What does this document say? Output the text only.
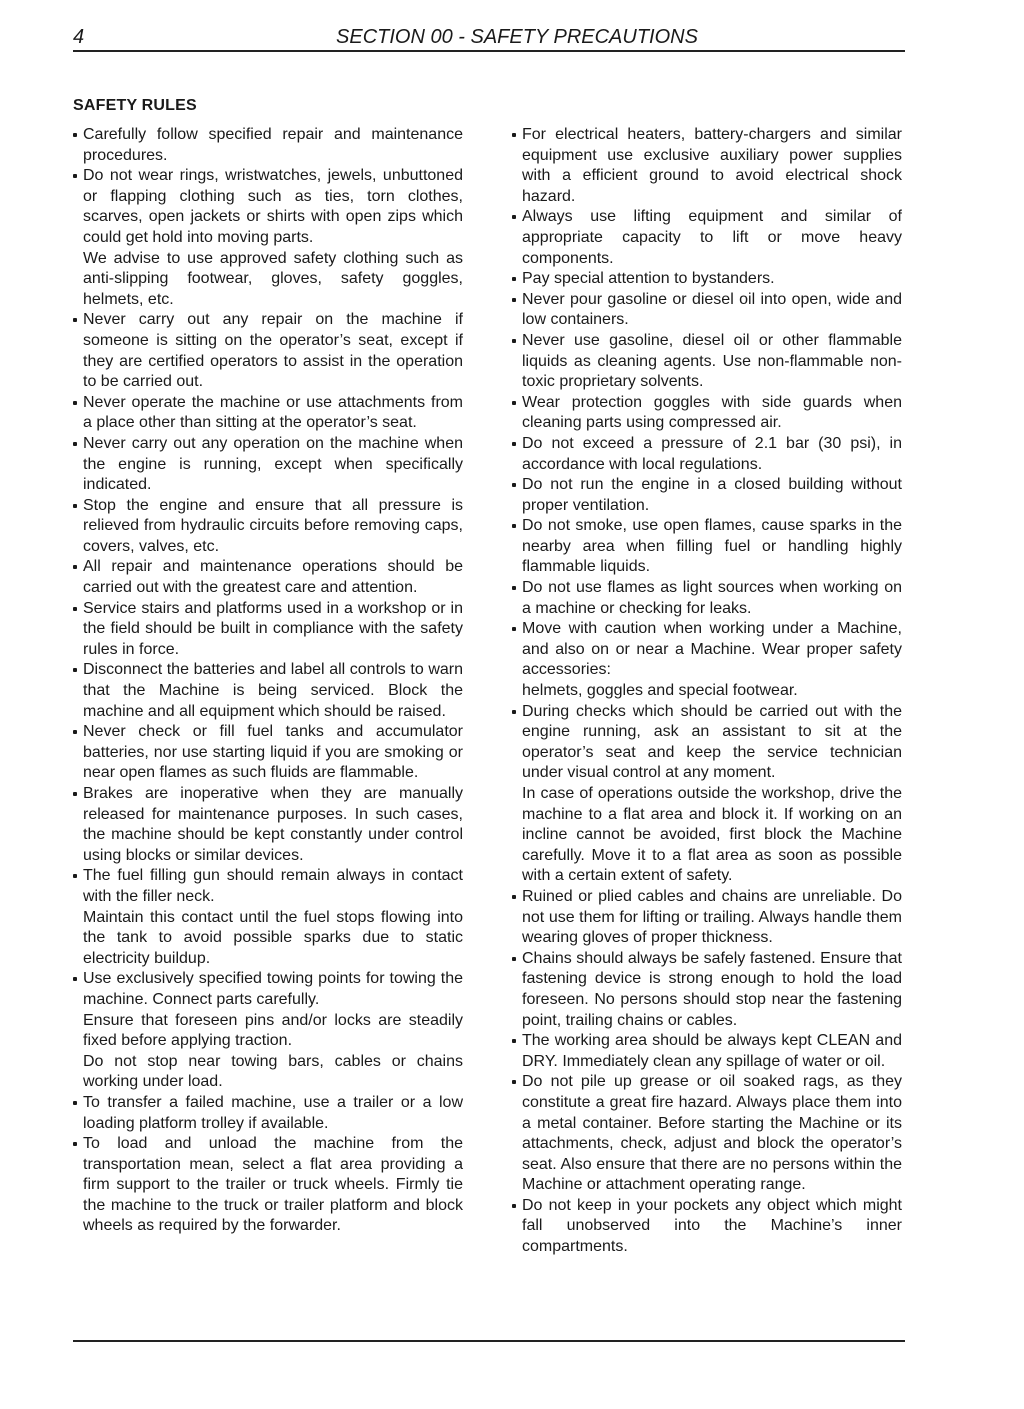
4	SECTION 00 - SAFETY PRECAUTIONS
SAFETY RULES

Carefully follow specified repair and maintenance procedures.

Do not wear rings, wristwatches, jewels, unbuttoned or flapping clothing such as ties, torn clothes, scarves, open jackets or shirts with open zips which could get hold into moving parts.

We advise to use approved safety clothing such as anti-slipping footwear, gloves, safety goggles, helmets, etc.

Never carry out any repair on the machine if someone is sitting on the operator’s seat, except if they are certified operators to assist in the operation to be carried out.

Never operate the machine or use attachments from a place other than sitting at the operator’s seat.

Never carry out any operation on the machine when the engine is running, except when specifically indicated.

Stop the engine and ensure that all pressure is relieved from hydraulic circuits before removing caps, covers, valves, etc.

All repair and maintenance operations should be carried out with the greatest care and attention.

Service stairs and platforms used in a workshop or in the field should be built in compliance with the safety rules in force.

Disconnect the batteries and label all controls to warn that the Machine is being serviced. Block the machine and all equipment which should be raised.

Never check or fill fuel tanks and accumulator batteries, nor use starting liquid if you are smoking or near open flames as such fluids are flammable.

Brakes are inoperative when they are manually released for maintenance purposes. In such cases, the machine should be kept constantly under control using blocks or similar devices.

The fuel filling gun should remain always in contact with the filler neck.

Maintain this contact until the fuel stops flowing into the tank to avoid possible sparks due to static electricity buildup.

Use exclusively specified towing points for towing the machine. Connect parts carefully.

Ensure that foreseen pins and/or locks are steadily fixed before applying traction.

Do not stop near towing bars, cables or chains working under load.

To transfer a failed machine, use a trailer or a low loading platform trolley if available.

To load and unload the machine from the transportation mean, select a flat area providing a firm support to the trailer or truck wheels. Firmly tie the machine to the truck or trailer platform and block wheels as required by the forwarder.

For electrical heaters, battery-chargers and similar equipment use exclusive auxiliary power supplies with a efficient ground to avoid electrical shock hazard.

Always use lifting equipment and similar of appropriate capacity to lift or move heavy components.

Pay special attention to bystanders.

Never pour gasoline or diesel oil into open, wide and low containers.

Never use gasoline, diesel oil or other flammable liquids as cleaning agents. Use non-flammable non-toxic proprietary solvents.

Wear protection goggles with side guards when cleaning parts using compressed air.

Do not exceed a pressure of 2.1 bar (30 psi), in accordance with local regulations.

Do not run the engine in a closed building without proper ventilation.

Do not smoke, use open flames, cause sparks in the nearby area when filling fuel or handling highly flammable liquids.

Do not use flames as light sources when working on a machine or checking for leaks.

Move with caution when working under a Machine, and also on or near a Machine. Wear proper safety accessories:

helmets, goggles and special footwear.

During checks which should be carried out with the engine running, ask an assistant to sit at the operator’s seat and keep the service technician under visual control at any moment.

In case of operations outside the workshop, drive the machine to a flat area and block it. If working on an incline cannot be avoided, first block the Machine carefully. Move it to a flat area as soon as possible with a certain extent of safety.

Ruined or plied cables and chains are unreliable. Do not use them for lifting or trailing. Always handle them wearing gloves of proper thickness.

Chains should always be safely fastened. Ensure that fastening device is strong enough to hold the load foreseen. No persons should stop near the fastening point, trailing chains or cables.

The working area should be always kept CLEAN and DRY. Immediately clean any spillage of water or oil.

Do not pile up grease or oil soaked rags, as they constitute a great fire hazard. Always place them into a metal container. Before starting the Machine or its attachments, check, adjust and block the operator’s seat. Also ensure that there are no persons within the Machine or attachment operating range.

Do not keep in your pockets any object which might fall unobserved into the Machine’s inner compartments.
